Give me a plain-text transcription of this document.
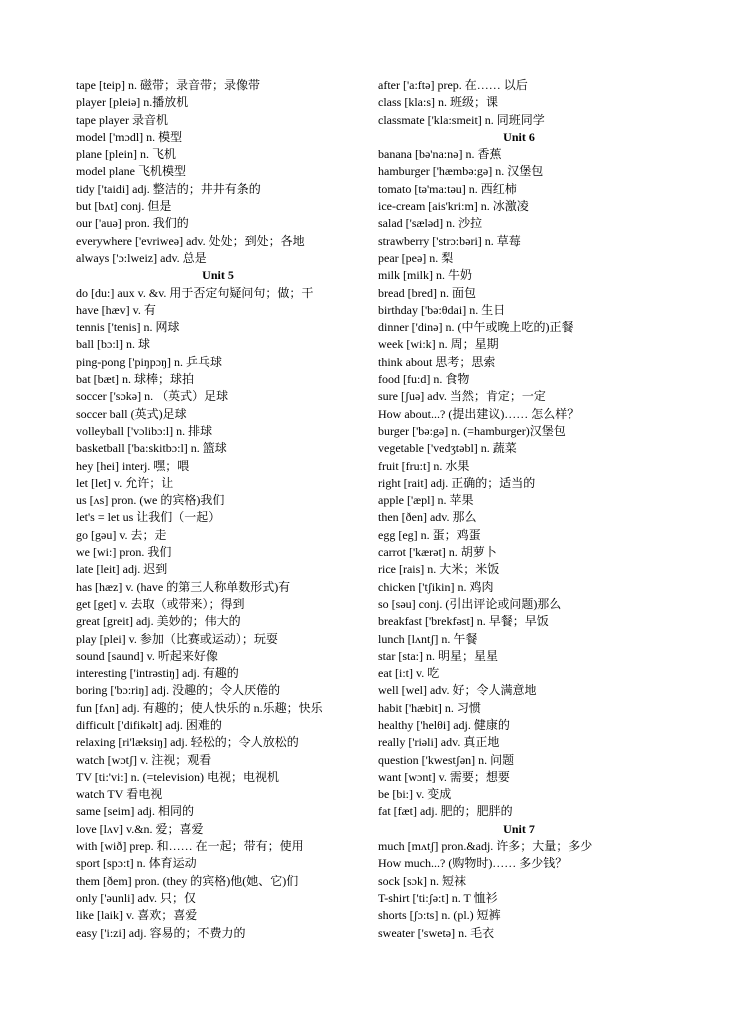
tape [teip] n. 磁带；录音带；录像带
player [pleiə] n.播放机
tape player 录音机
model ['mɔdl] n. 模型
plane [plein] n. 飞机
model plane 飞机模型
tidy ['taidi] adj. 整洁的；井井有条的
but [bʌt] conj. 但是
our ['auə] pron. 我们的
everywhere ['evriweə] adv. 处处；到处；各地
always ['ɔ:lweiz] adv. 总是
Unit 5
do [du:] aux v. &v. 用于否定句疑问句；做；干
have [hæv] v. 有
tennis ['tenis] n. 网球
ball [bɔ:l] n. 球
ping-pong ['piŋpɔŋ] n. 乒乓球
bat [bæt] n. 球棒；球拍
soccer ['sɔkə] n. （英式）足球
soccer ball (英式)足球
volleyball ['vɔlibɔ:l] n. 排球
basketball ['ba:skitbɔ:l] n. 篮球
hey [hei] interj. 嘿；喂
let [let] v. 允许；让
us [ʌs] pron. (we 的宾格)我们
let's = let us 让我们（一起）
go [gəu] v. 去；走
we [wi:] pron. 我们
late [leit] adj. 迟到
has [hæz] v. (have 的第三人称单数形式)有
get [get] v. 去取（或带来）；得到
great [greit] adj. 美妙的；伟大的
play [plei] v. 参加（比赛或运动）；玩耍
sound [saund] v. 听起来好像
interesting ['intrəstiŋ] adj. 有趣的
boring ['bɔ:riŋ] adj. 没趣的；令人厌倦的
fun [fʌn] adj. 有趣的；使人快乐的 n.乐趣；快乐
difficult ['difikəlt] adj. 困难的
relaxing [ri'læksiŋ] adj. 轻松的；令人放松的
watch [wɔtʃ] v. 注视；观看
TV [ti:'vi:] n. (=television) 电视；电视机
watch TV 看电视
same [seim] adj. 相同的
love [lʌv] v.&n. 爱；喜爱
with [wið] prep. 和…… 在一起；带有；使用
sport [spɔ:t] n. 体育运动
them [ðem] pron. (they 的宾格)他(她、它)们
only ['əunli] adv. 只；仅
like [laik] v. 喜欢；喜爱
easy ['i:zi] adj. 容易的；不费力的
after ['a:ftə] prep. 在…… 以后
class [kla:s] n. 班级；课
classmate ['kla:smeit] n. 同班同学
Unit 6
banana [bə'na:nə] n. 香蕉
hamburger ['hæmbə:gə] n. 汉堡包
tomato [tə'ma:təu] n. 西红柿
ice-cream [ais'kri:m] n. 冰激凌
salad ['sæləd] n. 沙拉
strawberry ['strɔ:bəri] n. 草莓
pear [peə] n. 梨
milk [milk] n. 牛奶
bread [bred] n. 面包
birthday ['bə:θdai] n. 生日
dinner ['dinə] n. (中午或晚上吃的)正餐
week [wi:k] n. 周；星期
think about 思考；思索
food [fu:d] n. 食物
sure [ʃuə] adv. 当然；肯定；一定
How about...? (提出建议)…… 怎么样？
burger ['bə:gə] n. (=hamburger)汉堡包
vegetable ['vedʒtəbl] n. 蔬菜
fruit [fru:t] n. 水果
right [rait] adj. 正确的；适当的
apple ['æpl] n. 苹果
then [ðen] adv. 那么
egg [eg] n. 蛋；鸡蛋
carrot ['kærət] n. 胡萝卜
rice [rais] n. 大米；米饭
chicken ['tʃikin] n. 鸡肉
so [səu] conj. (引出评论或问题)那么
breakfast ['brekfəst] n. 早餐；早饭
lunch [lʌntʃ] n. 午餐
star [sta:] n. 明星；星星
eat [i:t] v. 吃
well [wel] adv. 好；令人满意地
habit ['hæbit] n. 习惯
healthy ['helθi] adj. 健康的
really ['riəli] adv. 真正地
question ['kwestʃən] n. 问题
want [wɔnt] v. 需要；想要
be [bi:] v. 变成
fat [fæt] adj. 肥的；肥胖的
Unit 7
much [mʌtʃ] pron.&adj. 许多；大量；多少
How much...? (购物时)…… 多少钱？
sock [sɔk] n. 短袜
T-shirt ['ti:ʃə:t] n. T 恤衫
shorts [ʃɔ:ts] n. (pl.) 短裤
sweater ['swetə] n. 毛衣
